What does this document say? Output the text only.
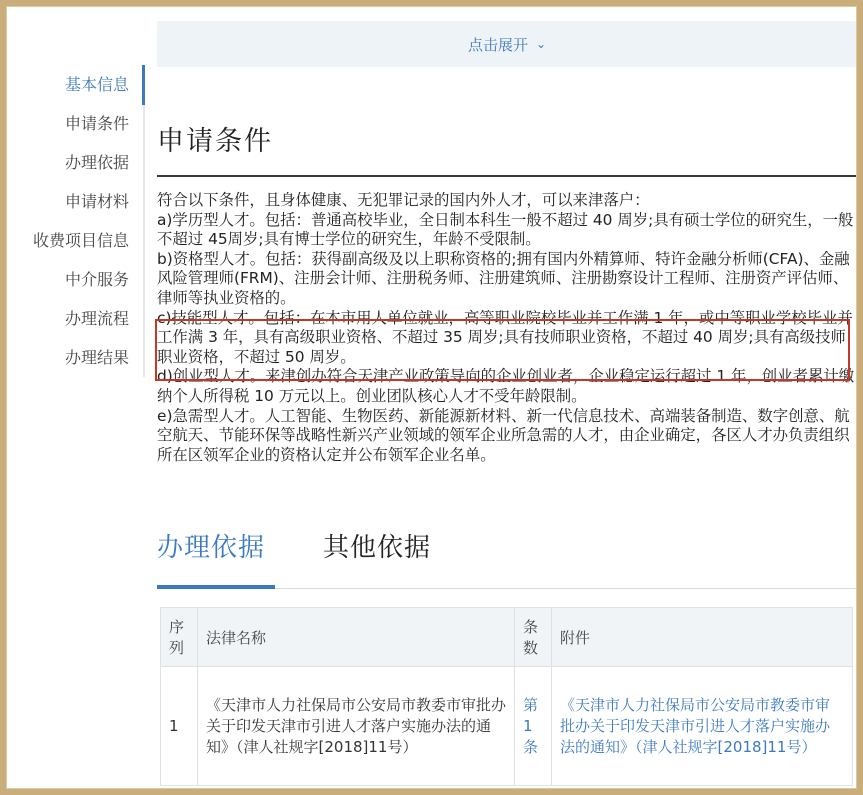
点击展开 ⌄
基本信息
申请条件
办理依据
申请材料
收费项目信息
中介服务
办理流程
办理结果
申请条件

符合以下条件，且身体健康、无犯罪记录的国内外人才，可以来津落户：

a)学历型人才。包括：普通高校毕业，全日制本科生一般不超过 40 周岁;具有硕士学位的研究生，一般不超过 45周岁;具有博士学位的研究生，年龄不受限制。

b)资格型人才。包括：获得副高级及以上职称资格的;拥有国内外精算师、特许金融分析师(CFA)、金融风险管理师(FRM)、注册会计师、注册税务师、注册建筑师、注册勘察设计工程师、注册资产评估师、律师等执业资格的。

c)技能型人才。包括：在本市用人单位就业，高等职业院校毕业并工作满 1 年，或中等职业学校毕业并工作满 3 年，具有高级职业资格、不超过 35 周岁;具有技师职业资格，不超过 40 周岁;具有高级技师职业资格，不超过 50 周岁。

d)创业型人才。来津创办符合天津产业政策导向的企业创业者，企业稳定运行超过 1 年，创业者累计缴纳个人所得税 10 万元以上。创业团队核心人才不受年龄限制。

e)急需型人才。人工智能、生物医药、新能源新材料、新一代信息技术、高端装备制造、数字创意、航空航天、节能环保等战略性新兴产业领域的领军企业所急需的人才，由企业确定，各区人才办负责组织所在区领军企业的资格认定并公布领军企业名单。

办理依据 其他依据
序列	法律名称	条数	附件
1	《天津市人力社保局市公安局市教委市审批办关于印发天津市引进人才落户实施办法的通知》（津人社规字[2018]11号）	第1条	《天津市人力社保局市公安局市教委市审批办关于印发天津市引进人才落户实施办法的通知》（津人社规字[2018]11号）
